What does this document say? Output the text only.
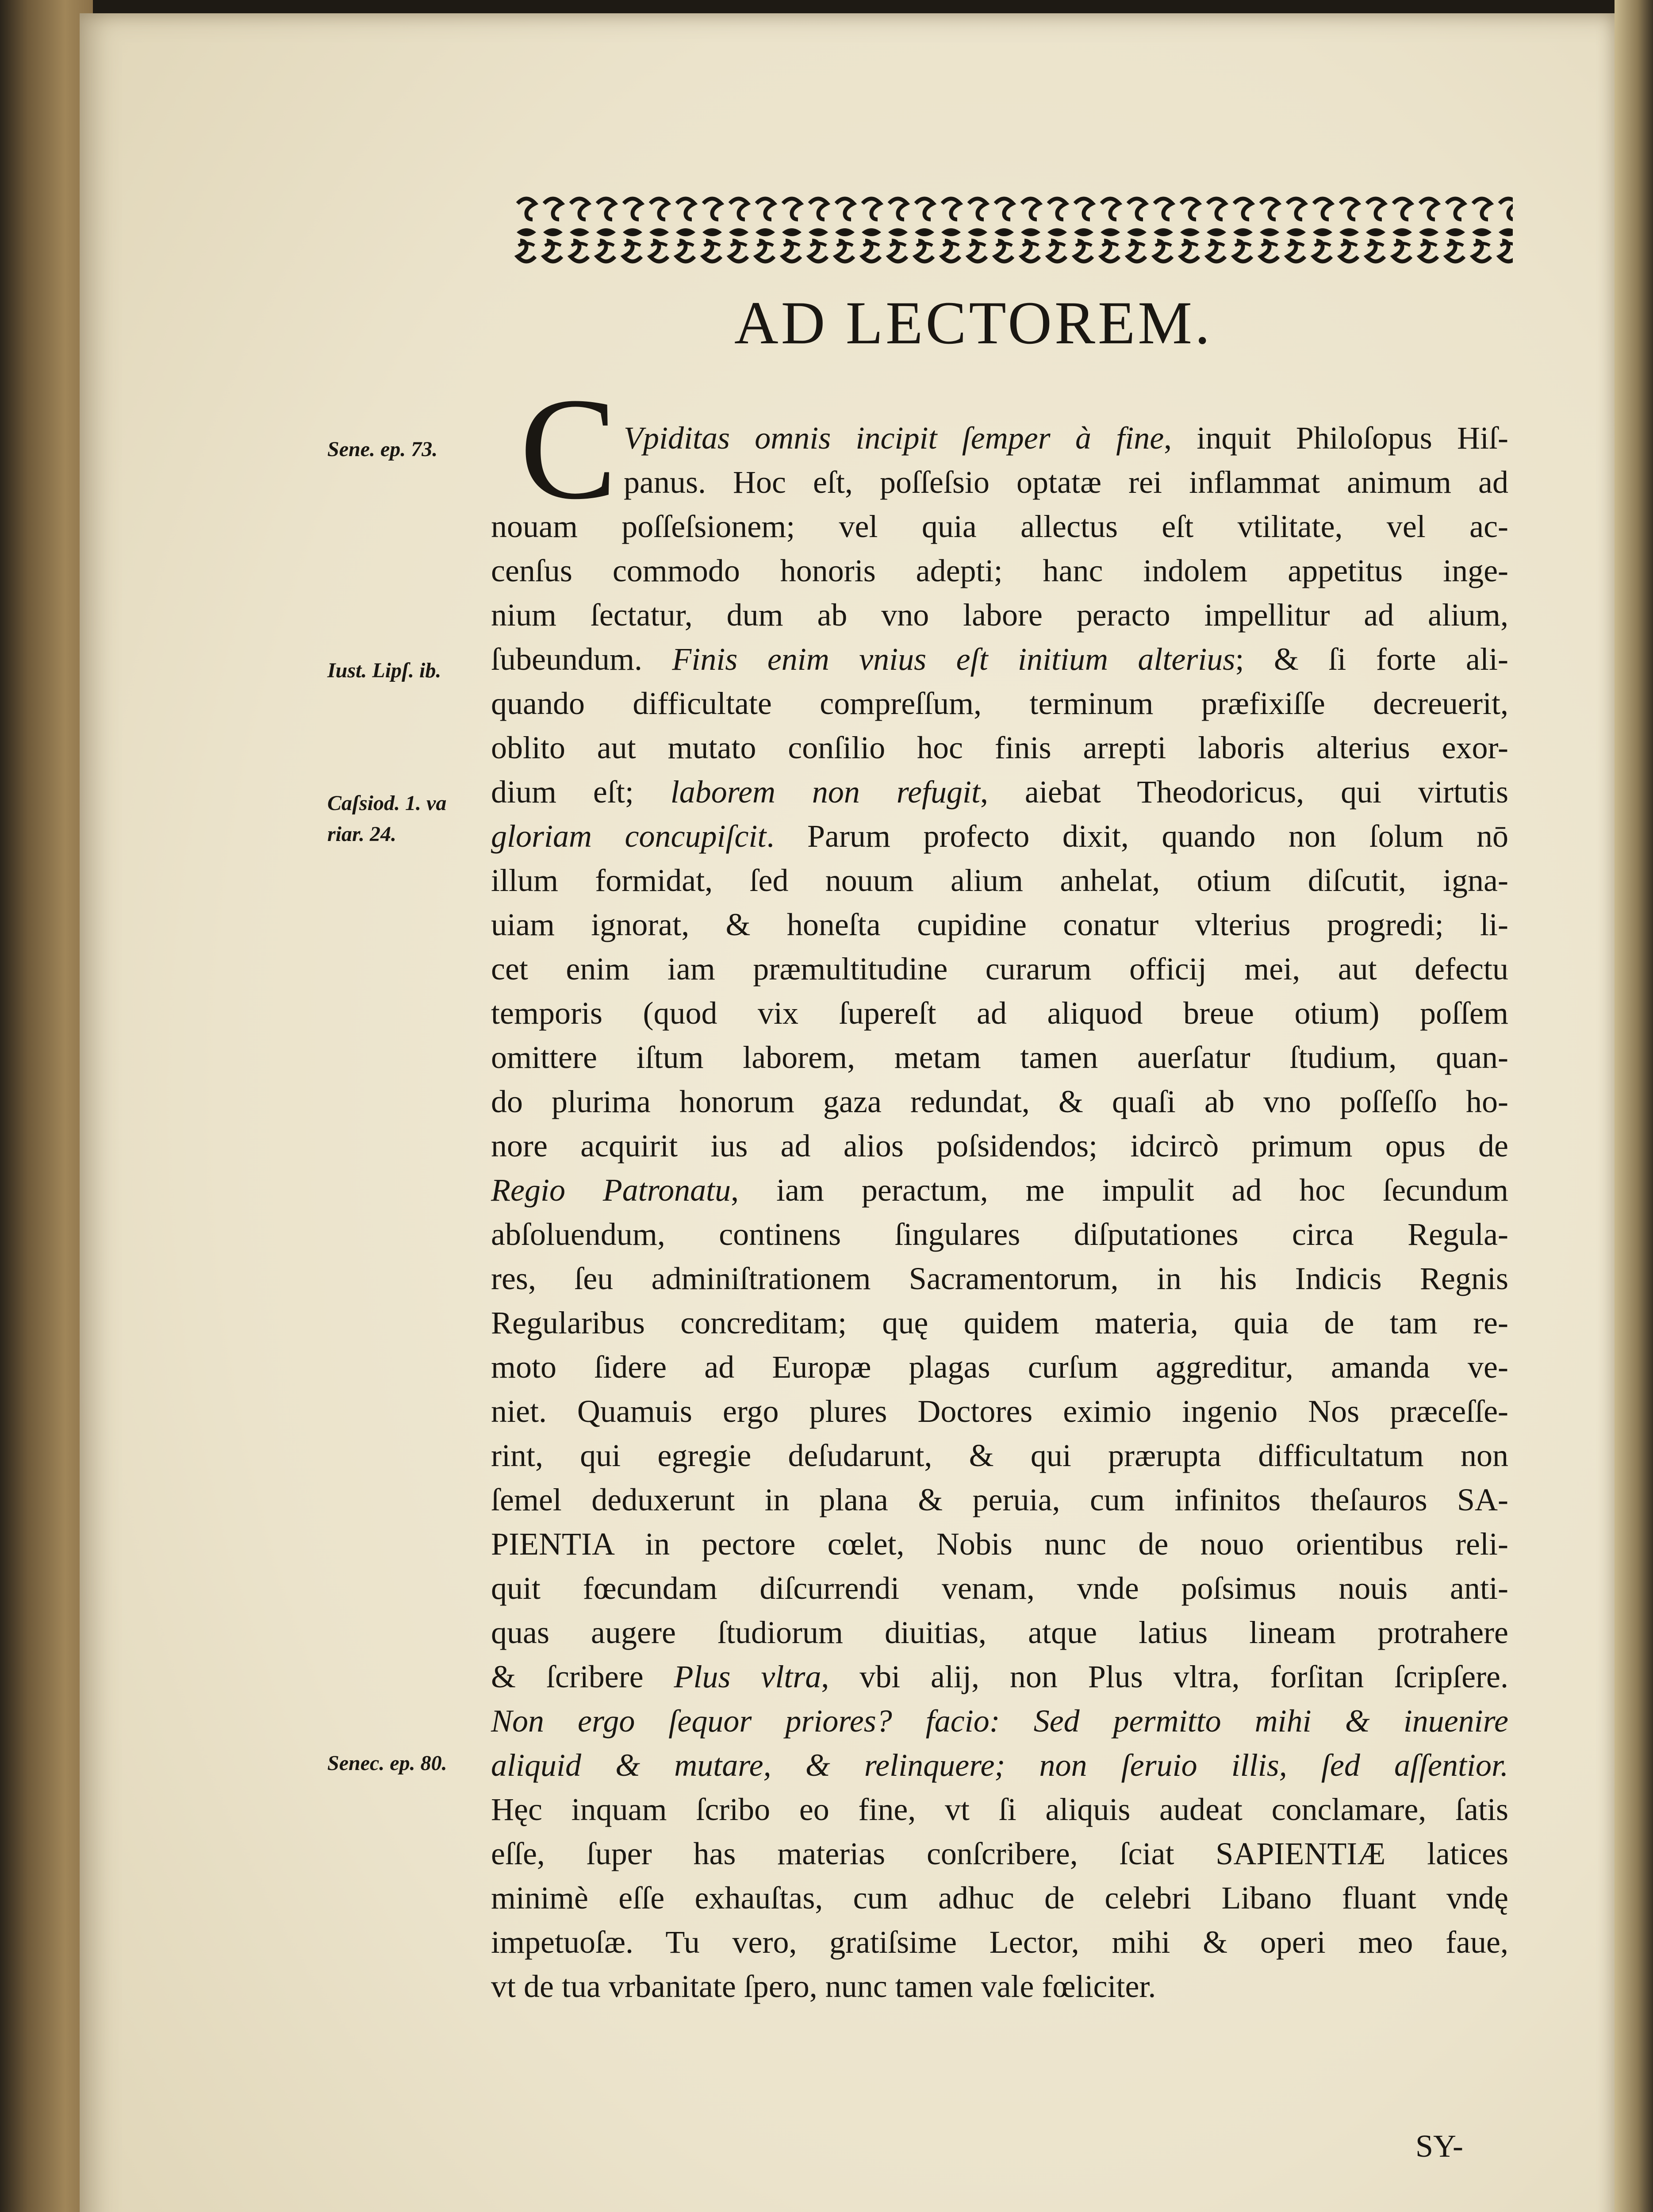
AD LECTOREM.
Sene. ep. 73.
Iust. Lipſ. ib.
Caſsiod. 1. va
riar. 24.
Senec. ep. 80.
C Vpiditas omnis incipit ſemper à fine, inquit Philoſopus Hiſ-
panus. Hoc eſt, poſſeſsio optatæ rei inflammat animum ad
nouam poſſeſsionem; vel quia allectus eſt vtilitate, vel ac-
cenſus commodo honoris adepti; hanc indolem appetitus inge-
nium ſectatur, dum ab vno labore peracto impellitur ad alium,
ſubeundum. Finis enim vnius eſt initium alterius; & ſi forte ali-
quando difficultate compreſſum, terminum præfixiſſe decreuerit,
oblito aut mutato conſilio hoc finis arrepti laboris alterius exor-
dium eſt; laborem non refugit, aiebat Theodoricus, qui virtutis
gloriam concupiſcit. Parum profecto dixit, quando non ſolum nō
illum formidat, ſed nouum alium anhelat, otium diſcutit, igna-
uiam ignorat, & honeſta cupidine conatur vlterius progredi; li-
cet enim iam præmultitudine curarum officij mei, aut defectu
temporis (quod vix ſupereſt ad aliquod breue otium) poſſem
omittere iſtum laborem, metam tamen auerſatur ſtudium, quan-
do plurima honorum gaza redundat, & quaſi ab vno poſſeſſo ho-
nore acquirit ius ad alios poſsidendos; idcircò primum opus de
Regio Patronatu, iam peractum, me impulit ad hoc ſecundum
abſoluendum, continens ſingulares diſputationes circa Regula-
res, ſeu adminiſtrationem Sacramentorum, in his Indicis Regnis
Regularibus concreditam; quę quidem materia, quia de tam re-
moto ſidere ad Europæ plagas curſum aggreditur, amanda ve-
niet. Quamuis ergo plures Doctores eximio ingenio Nos præceſſe-
rint, qui egregie deſudarunt, & qui prærupta difficultatum non
ſemel deduxerunt in plana & peruia, cum infinitos theſauros SA-
PIENTIA in pectore cœlet, Nobis nunc de nouo orientibus reli-
quit fœcundam diſcurrendi venam, vnde poſsimus nouis anti-
quas augere ſtudiorum diuitias, atque latius lineam protrahere
& ſcribere Plus vltra, vbi alij, non Plus vltra, forſitan ſcripſere.
Non ergo ſequor priores? facio: Sed permitto mihi & inuenire
aliquid & mutare, & relinquere; non ſeruio illis, ſed aſſentior.
Hęc inquam ſcribo eo fine, vt ſi aliquis audeat conclamare, ſatis
eſſe, ſuper has materias conſcribere, ſciat SAPIENTIÆ latices
minimè eſſe exhauſtas, cum adhuc de celebri Libano fluant vndę
impetuoſæ. Tu vero, gratiſsime Lector, mihi & operi meo faue,
vt de tua vrbanitate ſpero, nunc tamen vale fœliciter.
SY-
